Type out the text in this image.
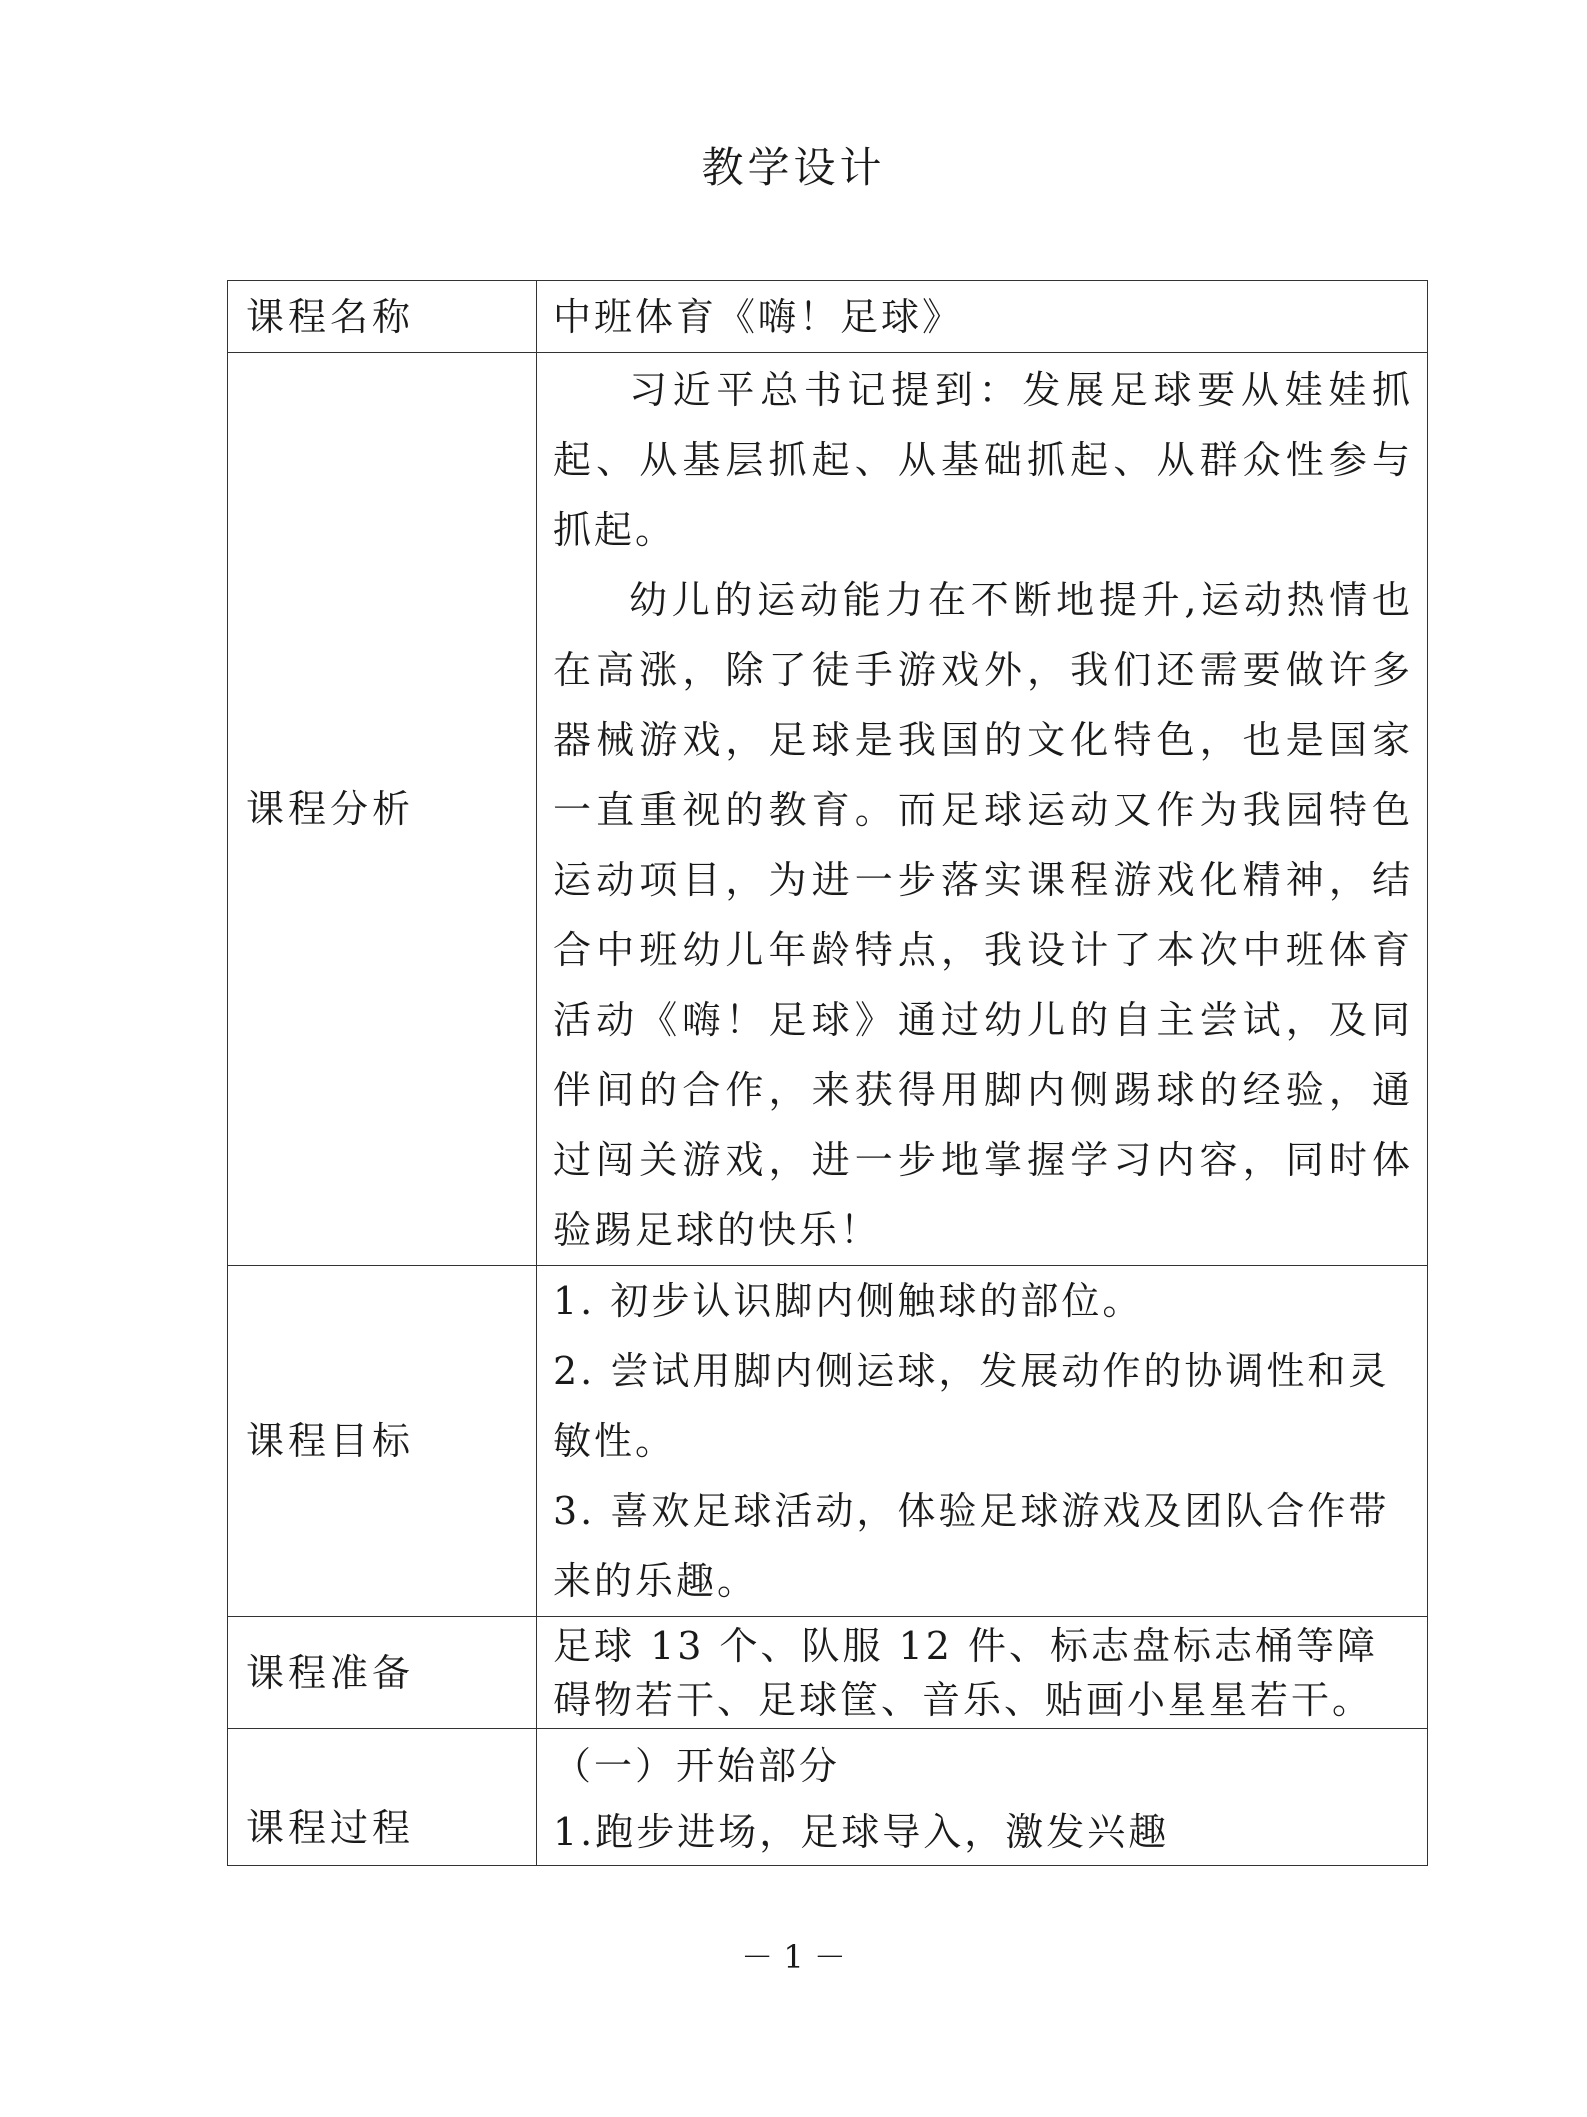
教学设计
课程名称	中班体育《嗨！足球》
课程分析	习近平总书记提到：发展足球要从娃娃抓起、从基层抓起、从基础抓起、从群众性参与抓起。

幼儿的运动能力在不断地提升,运动热情也在高涨，除了徒手游戏外，我们还需要做许多器械游戏，足球是我国的文化特色，也是国家一直重视的教育。而足球运动又作为我园特色运动项目，为进一步落实课程游戏化精神，结合中班幼儿年龄特点，我设计了本次中班体育活动《嗨！足球》通过幼儿的自主尝试，及同伴间的合作，来获得用脚内侧踢球的经验，通过闯关游戏，进一步地掌握学习内容，同时体验踢足球的快乐！

课程目标	1. 初步认识脚内侧触球的部位。

2. 尝试用脚内侧运球，发展动作的协调性和灵敏性。

3. 喜欢足球活动，体验足球游戏及团队合作带来的乐趣。

课程准备	足球 13 个、队服 12 件、标志盘标志桶等障碍物若干、足球筐、音乐、贴画小星星若干。

课程过程	（一）开始部分

1.跑步进场，足球导入，激发兴趣

－ 1 －
